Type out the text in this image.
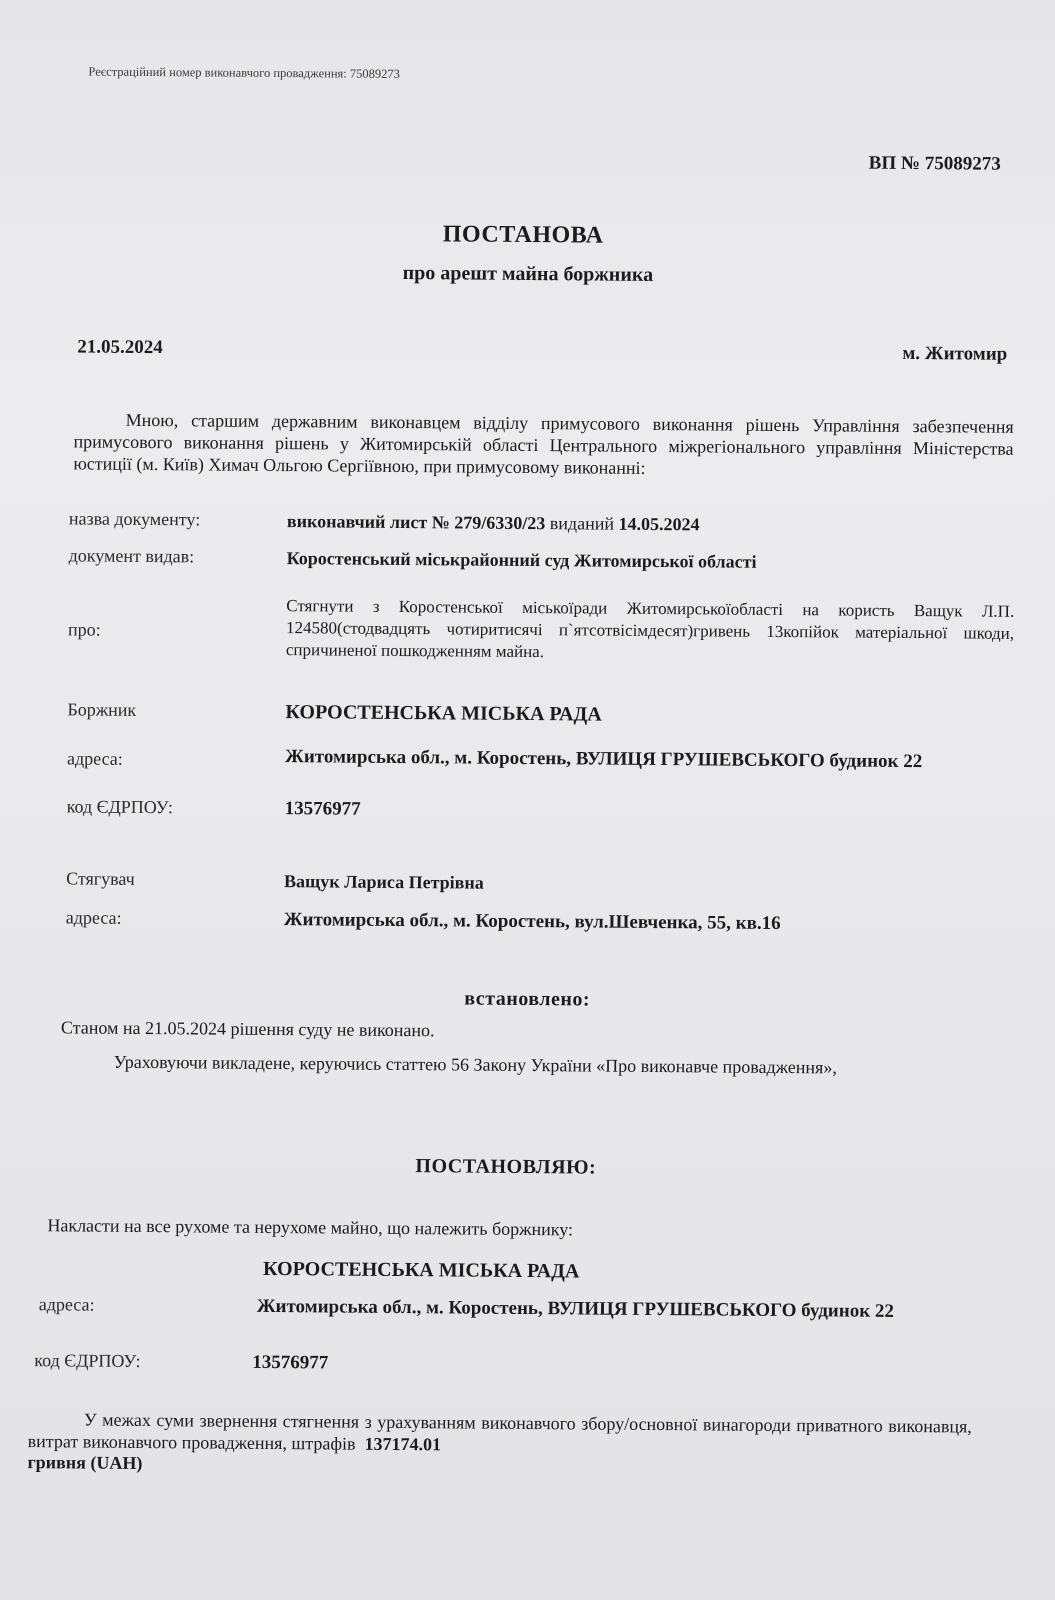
Реєстраційний номер виконавчого провадження: 75089273
ВП № 75089273
ПОСТАНОВА
про арешт майна боржника
21.05.2024	м. Житомир
Мною, старшим державним виконавцем відділу примусового виконання рішень Управління забезпечення примусового виконання рішень у Житомирській області Центрального міжрегіонального управління Міністерства юстиції (м. Київ) Химач Ольгою Сергіївною, при примусовому виконанні:
назва документу:	виконавчий лист № 279/6330/23 виданий 14.05.2024
документ видав:	Коростенський міськрайонний суд Житомирської області
про:
Стягнути з Коростенської міськоїради Житомирськоїобласті на користь Ващук Л.П. 124580(стодвадцять чотиритисячі п`ятсотвісімдесят)гривень 13копійок матеріальної шкоди, спричиненої пошкодженням майна.
Боржник	КОРОСТЕНСЬКА МІСЬКА РАДА
адреса:	Житомирська обл., м. Коростень, ВУЛИЦЯ ГРУШЕВСЬКОГО будинок 22
код ЄДРПОУ:	13576977
Стягувач	Ващук Лариса Петрівна
адреса:	Житомирська обл., м. Коростень, вул.Шевченка, 55, кв.16
встановлено:
Станом на 21.05.2024 рішення суду не виконано.
Ураховуючи викладене, керуючись статтею 56 Закону України «Про виконавче провадження»,
ПОСТАНОВЛЯЮ:
Накласти на все рухоме та нерухоме майно, що належить боржнику:
КОРОСТЕНСЬКА МІСЬКА РАДА
адреса:	Житомирська обл., м. Коростень, ВУЛИЦЯ ГРУШЕВСЬКОГО будинок 22
код ЄДРПОУ:	13576977
У межах суми звернення стягнення з урахуванням виконавчого збору/основної винагороди приватного виконавця, витрат виконавчого провадження, штрафів 137174.01
гривня (UAH)
